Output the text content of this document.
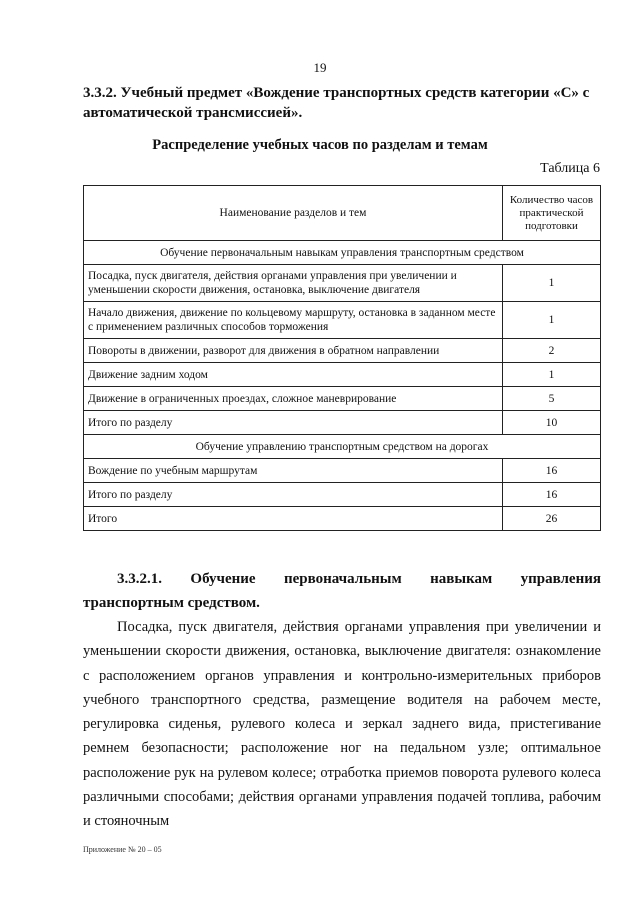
19
3.3.2. Учебный предмет «Вождение транспортных средств категории «С» с автоматической трансмиссией».
Распределение учебных часов по разделам и темам
Таблица 6
Наименование разделов и тем	Количество часов практической подготовки
Обучение первоначальным навыкам управления транспортным средством	
Посадка, пуск двигателя, действия органами управления при увеличении и уменьшении скорости движения, остановка, выключение двигателя	1
Начало движения, движение по кольцевому маршруту, остановка в заданном месте с применением различных способов торможения	1
Повороты в движении, разворот для движения в обратном направлении	2
Движение задним ходом	1
Движение в ограниченных проездах, сложное маневрирование	5
Итого по разделу	10
Обучение управлению транспортным средством на дорогах	
Вождение по учебным маршрутам	16
Итого по разделу	16
Итого	26
3.3.2.1. Обучение первоначальным навыкам управления транспортным средством.
Посадка, пуск двигателя, действия органами управления при увеличении и уменьшении скорости движения, остановка, выключение двигателя: ознакомление с расположением органов управления и контрольно-измерительных приборов учебного транспортного средства, размещение водителя на рабочем месте, регулировка сиденья, рулевого колеса и зеркал заднего вида, пристегивание ремнем безопасности; расположение ног на педальном узле; оптимальное расположение рук на рулевом колесе; отработка приемов поворота рулевого колеса различными способами; действия органами управления подачей топлива, рабочим и стояночным
Приложение № 20 – 05
